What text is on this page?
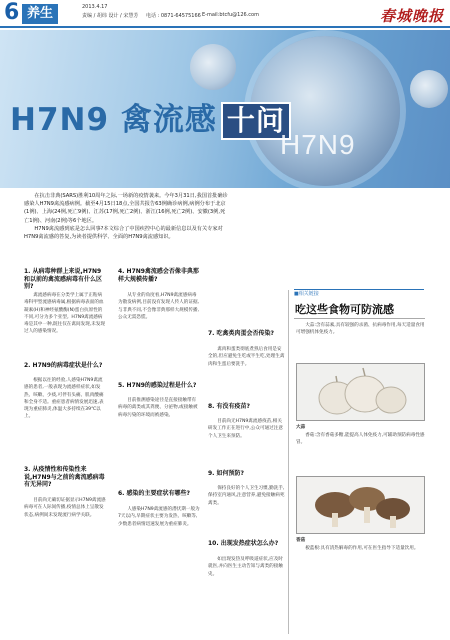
6 养生	2013.4.17
责编 / 胡纬 设计 / 宋慧芳 电话 : 0871-64575166 E-mail:btcfu@126.com	春城晚报
H7N9 禽流感 十问
H7N9

在抗击非典(SARS)胜利10周年之际,一场新的疫情袭来。今年3月31日,我国首批确诊感染人H7N9禽流感病例。截至4月15日18点,全国共报告63例确诊病例,病例分布于北京(1例)、上海(24例,死亡9例)、江苏(17例,死亡2例)、浙江(16例,死亡2例)、安徽(3例,死亡1例)、河南(2例)等6个地区。

H7N9禽流感到底是怎么回事?本文综合了中国疾控中心的最新信息以及有关专家对H7N9禽流感的答复,为读者提供科学、全面的H7N9禽流感知识。

1. 从病毒种群上来说,H7N9和以前的禽流感病毒有什么区别?
禽流感病毒在分类学上属于正粘病毒科甲型流感病毒属,根据病毒表面的血凝素(H)和神经氨酸酶(N)蛋白抗原性的不同,可分为多个亚型。H7N9禽流感病毒是其中一种,既往仅在禽间发现,未发现过人的感染情况。
2. H7N9的病毒症状是什么?
根据以往的经验,人感染H7N9禽流感的患者,一般表现为流感样症状,如发热、咳嗽、少痰,可伴有头痛、肌肉酸痛和全身不适。重症患者病情发展迅速,表现为重症肺炎,体温大多持续在39℃以上。
3. 从疫情性和传染性来说,H7N9与之前的禽流感病毒有无异同?
目前尚无确切证据显示H7N9禽流感病毒可在人际间传播,疫情总体上呈散发状态,病例间未发现流行病学关联。
4. H7N9禽流感会否像非典那样大规模传播?
从专业的角度看,H7N9禽流感病毒为散发病例,目前没有发现人传人的证据,与非典不同,不会像非典那样大规模传播,公众无需恐慌。
5. H7N9的感染过程是什么?
目前推测感染途径是直接接触带有病毒的禽类或其粪便、分泌物,或接触被病毒污染的环境而被感染。
6. 感染的主要症状有哪些?
人感染H7N9禽流感的潜伏期一般为7天以内,早期症状主要为发热、咳嗽等,少数患者病情迅速发展为重症肺炎。
7. 吃禽类肉蛋会否传染?
禽肉和蛋类彻底煮熟后食用是安全的,但应避免生吃或半生吃,处理生禽肉和生蛋后要洗手。
8. 有没有疫苗?
目前尚无H7N9禽流感疫苗,相关研发工作正在进行中,公众可通过注意个人卫生来预防。
9. 如何预防?
保持良好的个人卫生习惯,勤洗手,保持室内通风,注意营养,避免接触病死禽类。
10. 出现发热症状怎么办?
如出现发热及呼吸道症状,应及时就医,并向医生主动告知与禽类的接触史。
■相关链接
吃这些食物可防流感
大蒜:含有蒜素,具有较强的杀菌、抗病毒作用,每天适量食用可增强机体免疫力。
大蒜
香菇:含有香菇多糖,能提高人体免疫力,可辅助预防病毒性感冒。
香菇
板蓝根:具有清热解毒的作用,可在医生指导下适量饮用。
